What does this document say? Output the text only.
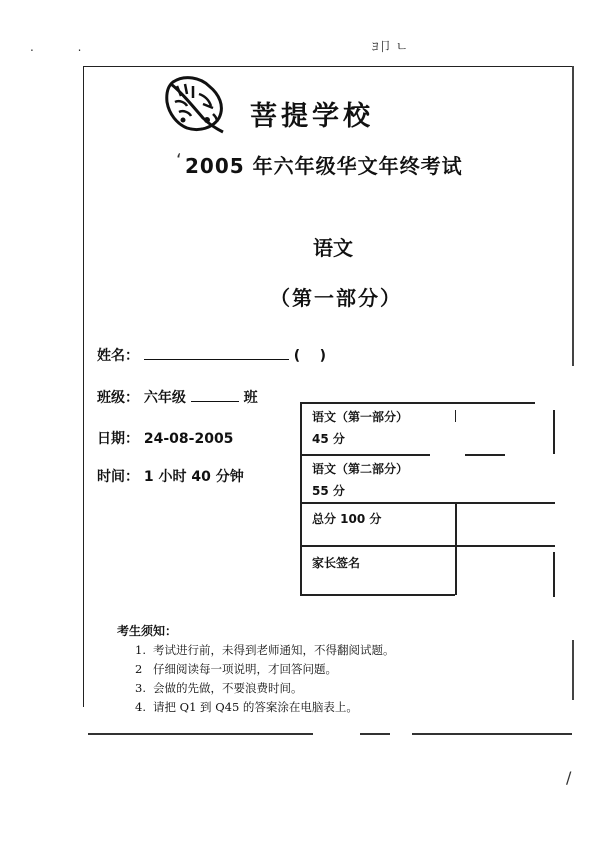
ﾖ卩 ㄴ
. .
/
菩提学校
ʻ 2005 年六年级华文年终考试
语文
（第一部分）
姓名：	(    )
班级： 六年级	班
日期： 24-08-2005
时间： 1 小时 40 分钟
语文（第一部分）
45 分
语文（第二部分）
55 分
总分 100 分
家长签名
考生须知：
1. 考试进行前，未得到老师通知，不得翻阅试题。
2 仔细阅读每一项说明，才回答问题。
3. 会做的先做，不要浪费时间。
4. 请把 Q1 到 Q45 的答案涂在电脑表上。
